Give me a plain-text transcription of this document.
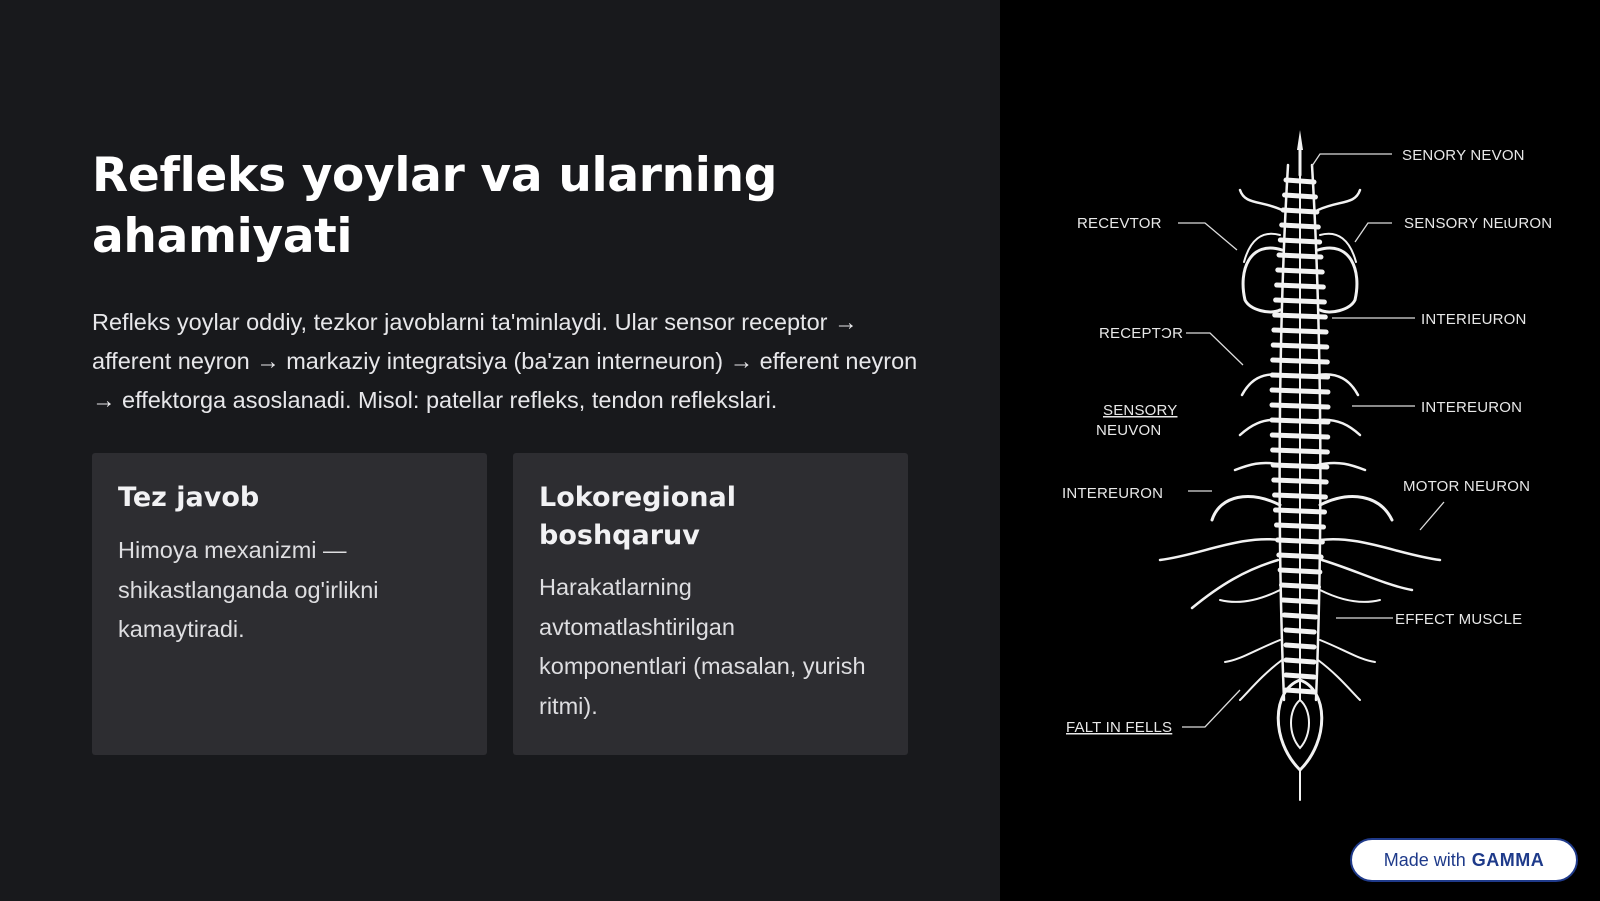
Refleks yoylar va ularning ahamiyati

Refleks yoylar oddiy, tezkor javoblarni ta'minlaydi. Ular sensor receptor → afferent neyron → markaziy integratsiya (ba'zan interneuron) → efferent neyron → effektorga asoslanadi. Misol: patellar refleks, tendon reflekslari.

Tez javob
Himoya mexanizmi — shikastlanganda og'irlikni kamaytiradi.
Lokoregional boshqaruv
Harakatlarning avtomatlashtirilgan komponentlari (masalan, yurish ritmi).
SENORY NEVON
RECEVTOR	SENSORY NEɩURON
RECEPTƆR
INTERIEURON
SENSORY
NEUVON
INTEREURON
INTEREURON	MOTOR NEURON
EFFECT MUSCLE
FALT IN FELLS
Made with GAMMA
